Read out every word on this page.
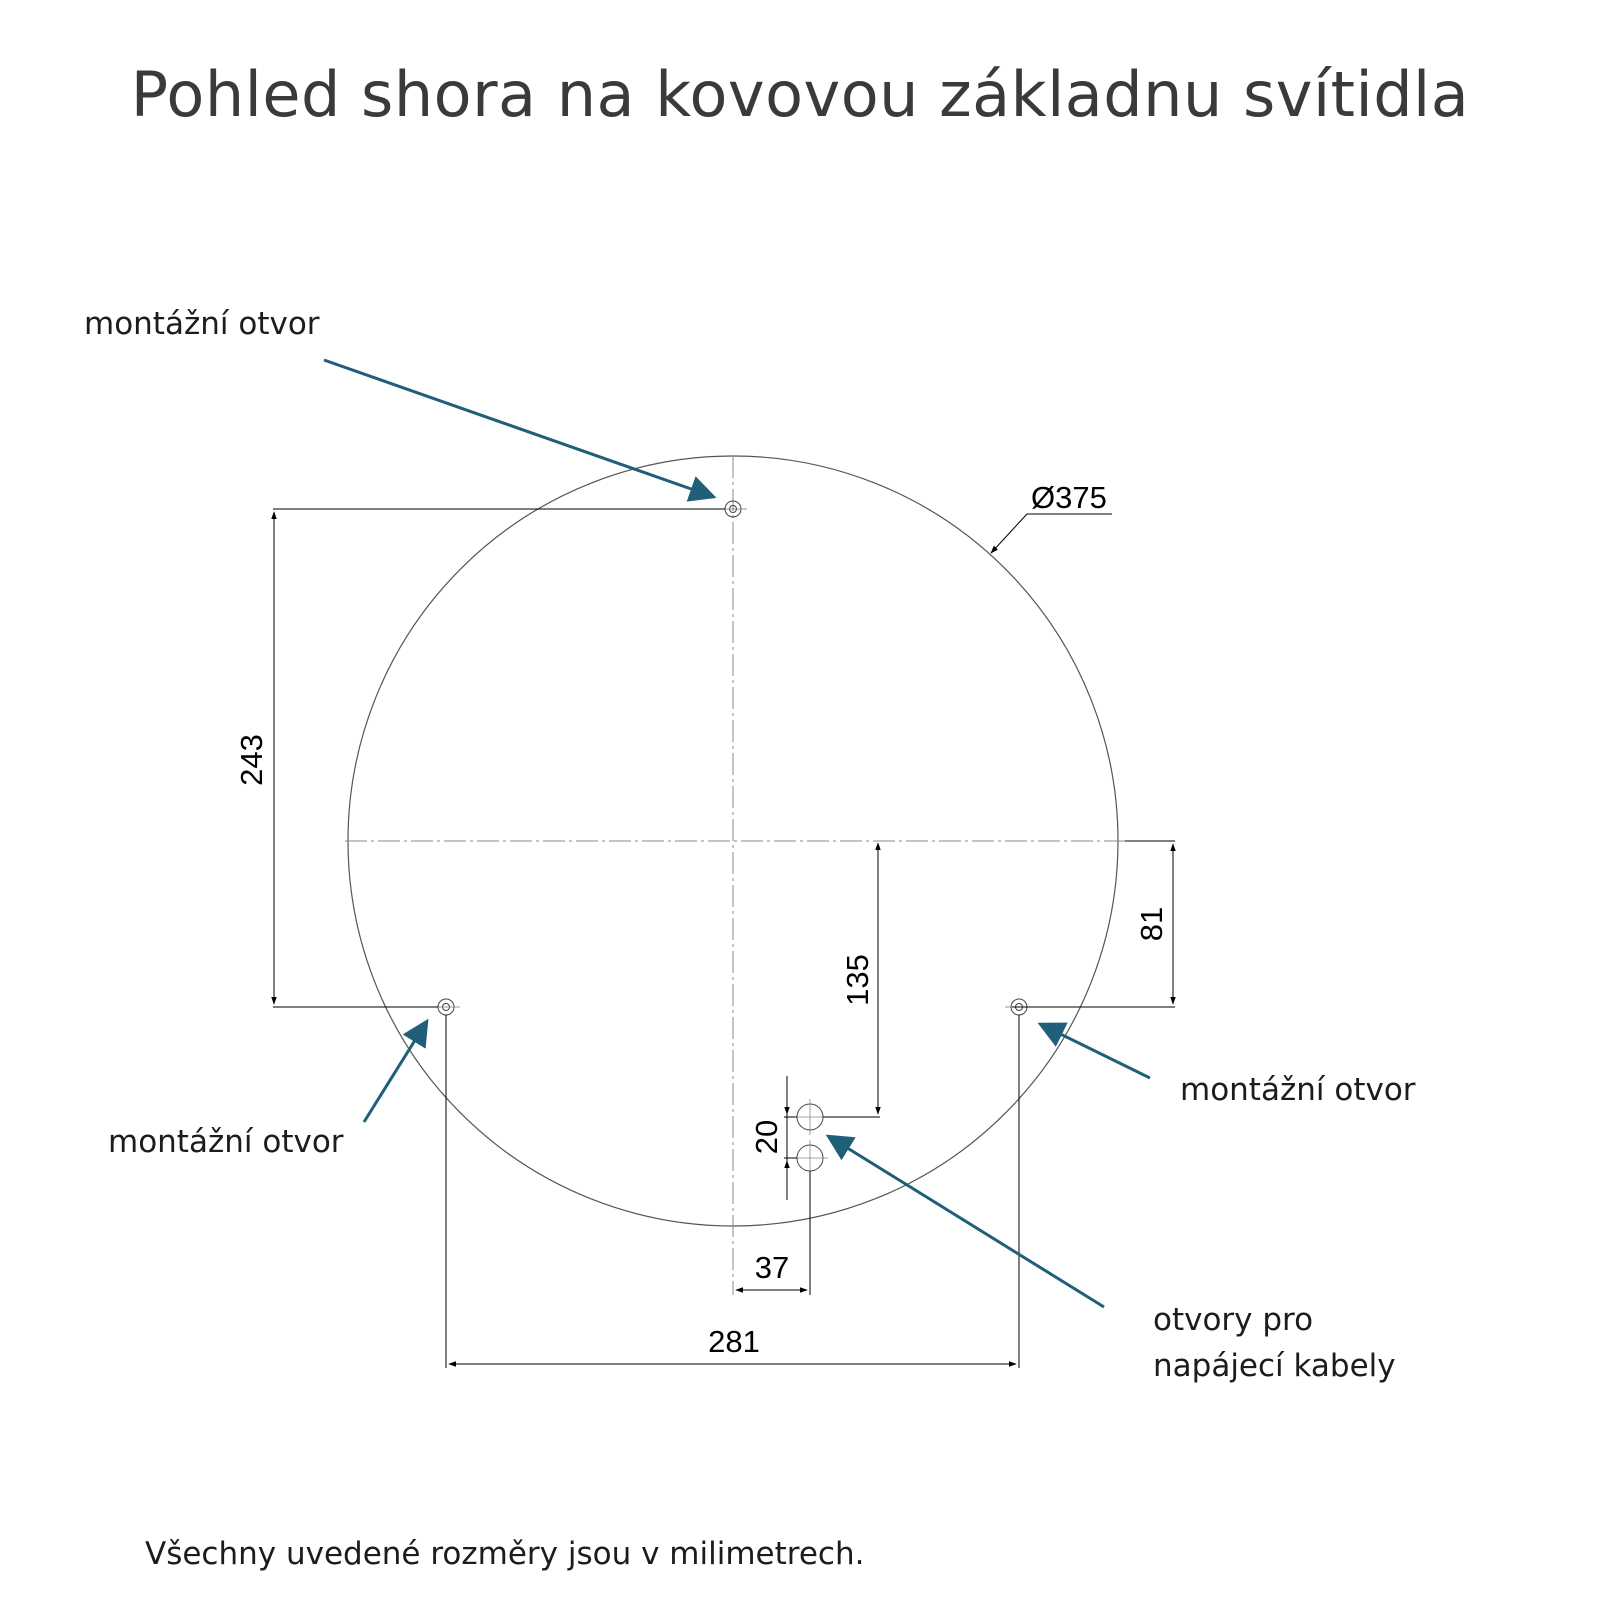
Pohled shora na kovovou základnu svítidla
montážní otvor
montážní otvor
montážní otvor
otvory pro
napájecí kabely
243
135
81
20
37
281
Ø375
Všechny uvedené rozměry jsou v milimetrech.
